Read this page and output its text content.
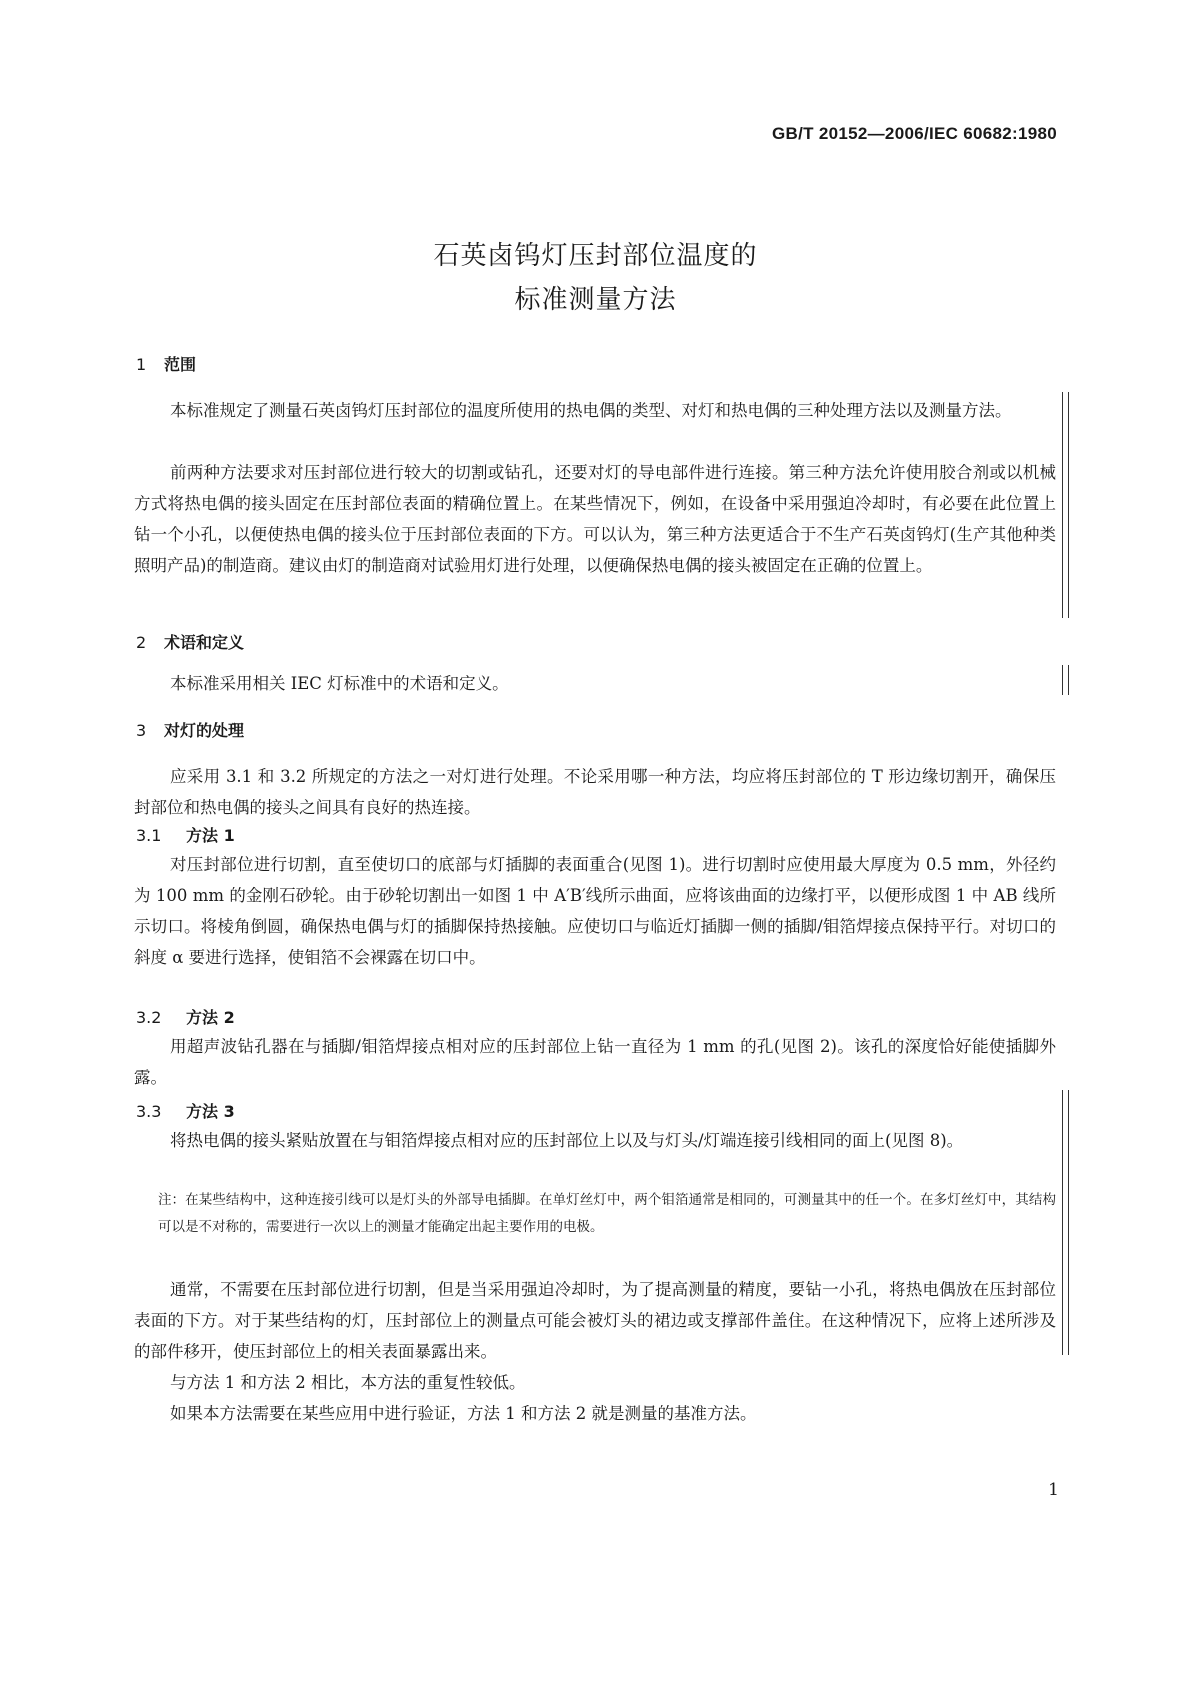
GB/T 20152—2006/IEC 60682:1980
石英卤钨灯压封部位温度的
标准测量方法
1 范围
本标准规定了测量石英卤钨灯压封部位的温度所使用的热电偶的类型、对灯和热电偶的三种处理方法以及测量方法。
前两种方法要求对压封部位进行较大的切割或钻孔，还要对灯的导电部件进行连接。第三种方法允许使用胶合剂或以机械方式将热电偶的接头固定在压封部位表面的精确位置上。在某些情况下，例如，在设备中采用强迫冷却时，有必要在此位置上钻一个小孔，以便使热电偶的接头位于压封部位表面的下方。可以认为，第三种方法更适合于不生产石英卤钨灯(生产其他种类照明产品)的制造商。建议由灯的制造商对试验用灯进行处理，以便确保热电偶的接头被固定在正确的位置上。
2 术语和定义
本标准采用相关 IEC 灯标准中的术语和定义。
3 对灯的处理
应采用 3.1 和 3.2 所规定的方法之一对灯进行处理。不论采用哪一种方法，均应将压封部位的 T 形边缘切割开，确保压封部位和热电偶的接头之间具有良好的热连接。
3.1 方法 1
对压封部位进行切割，直至使切口的底部与灯插脚的表面重合(见图 1)。进行切割时应使用最大厚度为 0.5 mm，外径约为 100 mm 的金刚石砂轮。由于砂轮切割出一如图 1 中 A′B′线所示曲面，应将该曲面的边缘打平，以便形成图 1 中 AB 线所示切口。将棱角倒圆，确保热电偶与灯的插脚保持热接触。应使切口与临近灯插脚一侧的插脚/钼箔焊接点保持平行。对切口的斜度 α 要进行选择，使钼箔不会裸露在切口中。
3.2 方法 2
用超声波钻孔器在与插脚/钼箔焊接点相对应的压封部位上钻一直径为 1 mm 的孔(见图 2)。该孔的深度恰好能使插脚外露。
3.3 方法 3
将热电偶的接头紧贴放置在与钼箔焊接点相对应的压封部位上以及与灯头/灯端连接引线相同的面上(见图 8)。
注：在某些结构中，这种连接引线可以是灯头的外部导电插脚。在单灯丝灯中，两个钼箔通常是相同的，可测量其中的任一个。在多灯丝灯中，其结构可以是不对称的，需要进行一次以上的测量才能确定出起主要作用的电极。
通常，不需要在压封部位进行切割，但是当采用强迫冷却时，为了提高测量的精度，要钻一小孔，将热电偶放在压封部位表面的下方。对于某些结构的灯，压封部位上的测量点可能会被灯头的裙边或支撑部件盖住。在这种情况下，应将上述所涉及的部件移开，使压封部位上的相关表面暴露出来。
与方法 1 和方法 2 相比，本方法的重复性较低。
如果本方法需要在某些应用中进行验证，方法 1 和方法 2 就是测量的基准方法。
1
